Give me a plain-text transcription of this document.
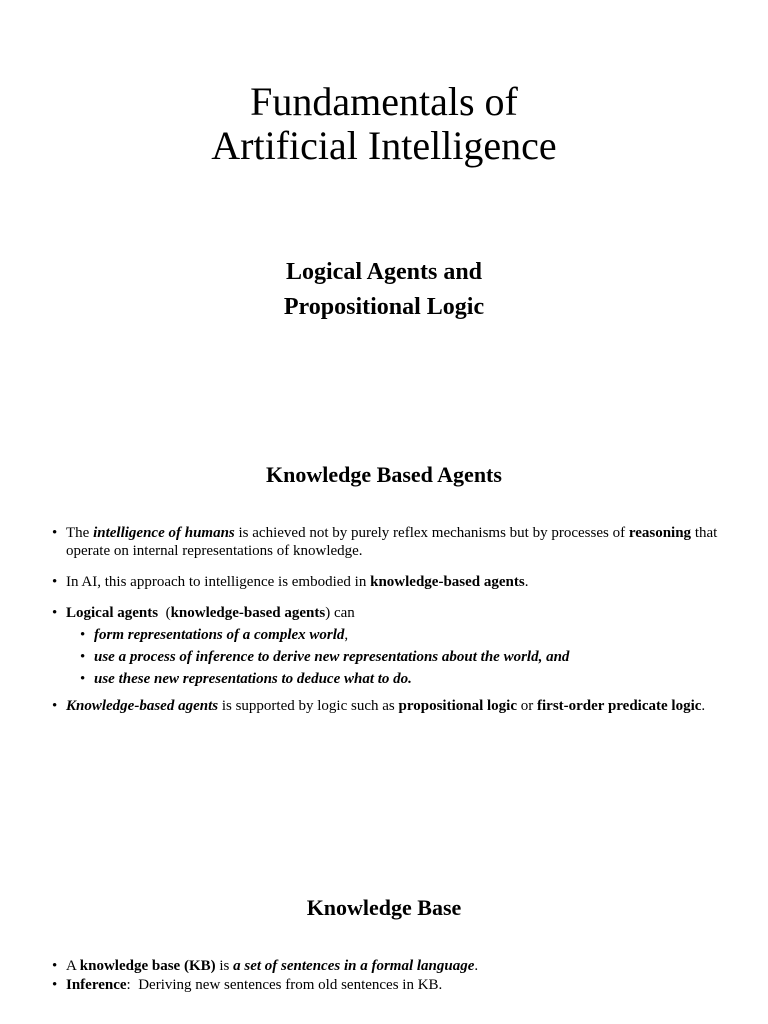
Fundamentals of
Artificial Intelligence
Logical Agents and
Propositional Logic
Knowledge Based Agents
• The intelligence of humans is achieved not by purely reflex mechanisms but by processes of reasoning that operate on internal representations of knowledge.
• In AI, this approach to intelligence is embodied in knowledge-based agents.
• Logical agents  (knowledge-based agents) can
• form representations of a complex world,
• use a process of inference to derive new representations about the world, and
• use these new representations to deduce what to do.
• Knowledge-based agents is supported by logic such as propositional logic or first-order predicate logic.
Knowledge Base
• A knowledge base (KB) is a set of sentences in a formal language.
• Inference:  Deriving new sentences from old sentences in KB.
